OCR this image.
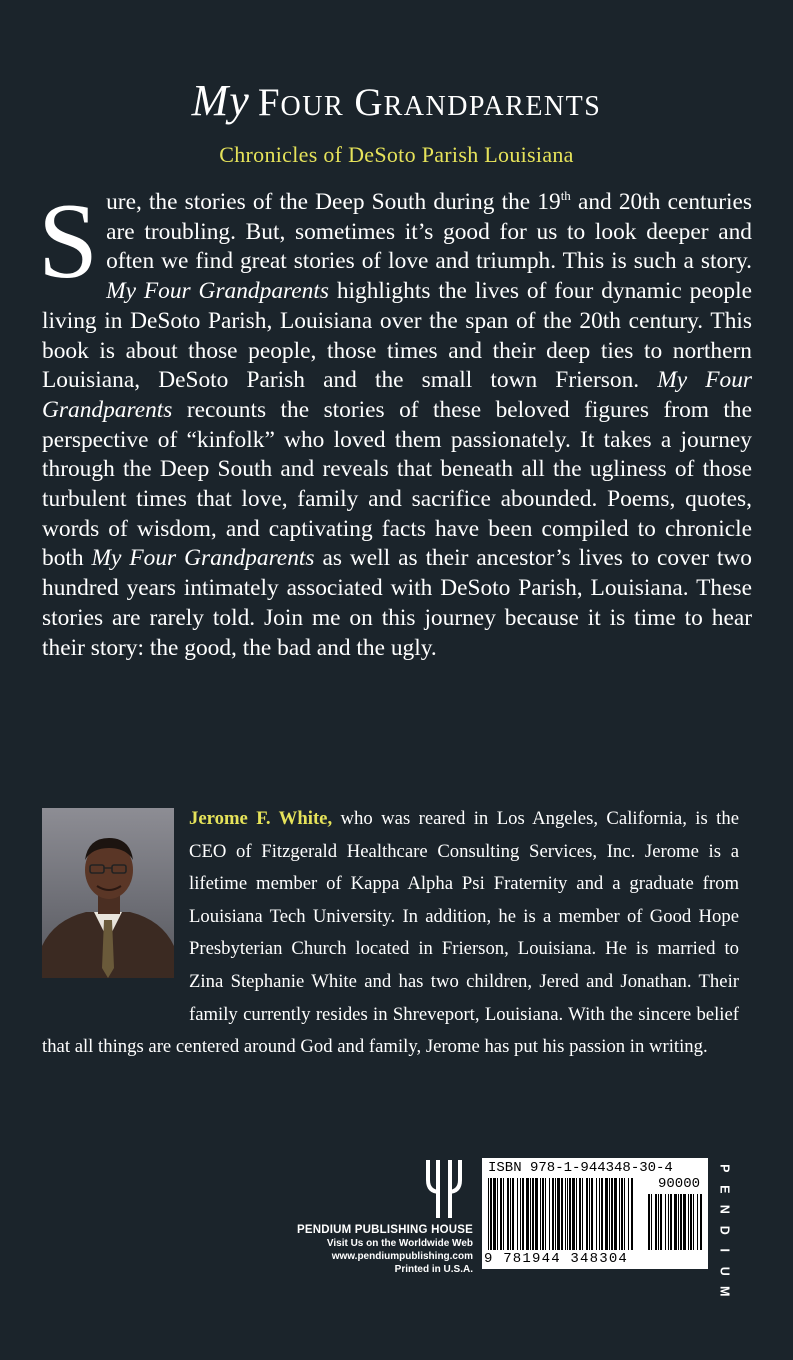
My FOUR GRANDPARENTS
Chronicles of DeSoto Parish Louisiana

Sure, the stories of the Deep South during the 19th and 20th centuries are troubling. But, sometimes it’s good for us to look deeper and often we find great stories of love and triumph. This is such a story. My Four Grandparents highlights the lives of four dynamic people living in DeSoto Parish, Louisiana over the span of the 20th century. This book is about those people, those times and their deep ties to northern Louisiana, DeSoto Parish and the small town Frierson. My Four Grandparents recounts the stories of these beloved figures from the perspective of “kinfolk” who loved them passionately. It takes a journey through the Deep South and reveals that beneath all the ugliness of those turbulent times that love, family and sacrifice abounded. Poems, quotes, words of wisdom, and captivating facts have been compiled to chronicle both My Four Grandparents as well as their ancestor’s lives to cover two hundred years intimately associated with DeSoto Parish, Louisiana. These stories are rarely told. Join me on this journey because it is time to hear their story: the good, the bad and the ugly.

Jerome F. White, who was reared in Los Angeles, California, is the CEO of Fitzgerald Healthcare Consulting Services, Inc. Jerome is a lifetime member of Kappa Alpha Psi Fraternity and a graduate from Louisiana Tech University. In addition, he is a member of Good Hope Presbyterian Church located in Frierson, Louisiana. He is married to Zina Stephanie White and has two children, Jered and Jonathan. Their family currently resides in Shreveport, Louisiana. With the sincere belief that all things are centered around God and family, Jerome has put his passion in writing.

PENDIUM PUBLISHING HOUSE
Visit Us on the Worldwide Web
www.pendiumpublishing.com
Printed in U.S.A.
ISBN 978-1-944348-30-4
90000
9 781944 348304
P
E
N
D
I
U
M
